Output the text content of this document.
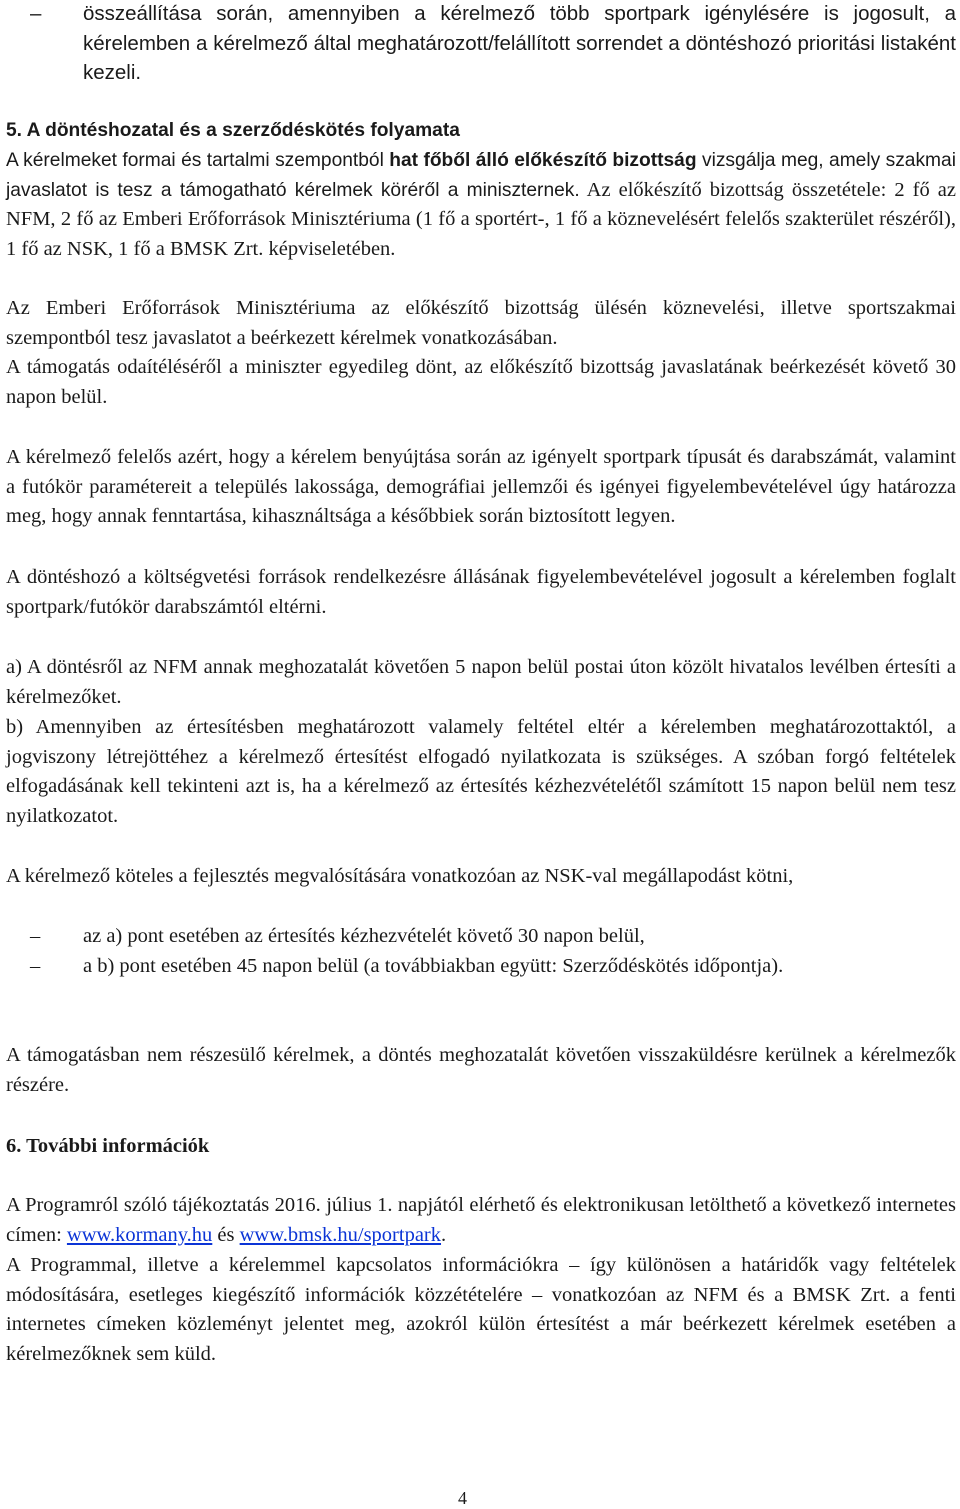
–	összeállítása során, amennyiben a kérelmező több sportpark igénylésére is jogosult, a kérelemben a kérelmező által meghatározott/felállított sorrendet a döntéshozó prioritási listaként kezeli.
5. A döntéshozatal és a szerződéskötés folyamata

A kérelmeket formai és tartalmi szempontból hat főből álló előkészítő bizottság vizsgálja meg, amely szakmai javaslatot is tesz a támogatható kérelmek köréről a miniszternek. Az előkészítő bizottság összetétele: 2 fő az NFM, 2 fő az Emberi Erőforrások Minisztériuma (1 fő a sportért-, 1 fő a köznevelésért felelős szakterület részéről), 1 fő az NSK, 1 fő a BMSK Zrt. képviseletében.

Az Emberi Erőforrások Minisztériuma az előkészítő bizottság ülésén köznevelési, illetve sportszakmai szempontból tesz javaslatot a beérkezett kérelmek vonatkozásában.

A támogatás odaítéléséről a miniszter egyedileg dönt, az előkészítő bizottság javaslatának beérkezését követő 30 napon belül.

A kérelmező felelős azért, hogy a kérelem benyújtása során az igényelt sportpark típusát és darabszámát, valamint a futókör paramétereit a település lakossága, demográfiai jellemzői és igényei figyelembevételével úgy határozza meg, hogy annak fenntartása, kihasználtsága a későbbiek során biztosított legyen.

A döntéshozó a költségvetési források rendelkezésre állásának figyelembevételével jogosult a kérelemben foglalt sportpark/futókör darabszámtól eltérni.

a) A döntésről az NFM annak meghozatalát követően 5 napon belül postai úton közölt hivatalos levélben értesíti a kérelmezőket.

b) Amennyiben az értesítésben meghatározott valamely feltétel eltér a kérelemben meghatározottaktól, a jogviszony létrejöttéhez a kérelmező értesítést elfogadó nyilatkozata is szükséges. A szóban forgó feltételek elfogadásának kell tekinteni azt is, ha a kérelmező az értesítés kézhezvételétől számított 15 napon belül nem tesz nyilatkozatot.

A kérelmező köteles a fejlesztés megvalósítására vonatkozóan az NSK-val megállapodást kötni,

–	az a) pont esetében az értesítés kézhezvételét követő 30 napon belül,
–	a b) pont esetében 45 napon belül (a továbbiakban együtt: Szerződéskötés időpontja).

A támogatásban nem részesülő kérelmek, a döntés meghozatalát követően visszaküldésre kerülnek a kérelmezők részére.

6. További információk

A Programról szóló tájékoztatás 2016. július 1. napjától elérhető és elektronikusan letölthető a következő internetes címen: www.kormany.hu és www.bmsk.hu/sportpark.

A Programmal, illetve a kérelemmel kapcsolatos információkra – így különösen a határidők vagy feltételek módosítására, esetleges kiegészítő információk közzétételére – vonatkozóan az NFM és a BMSK Zrt. a fenti internetes címeken közleményt jelentet meg, azokról külön értesítést a már beérkezett kérelmek esetében a kérelmezőknek sem küld.

4
